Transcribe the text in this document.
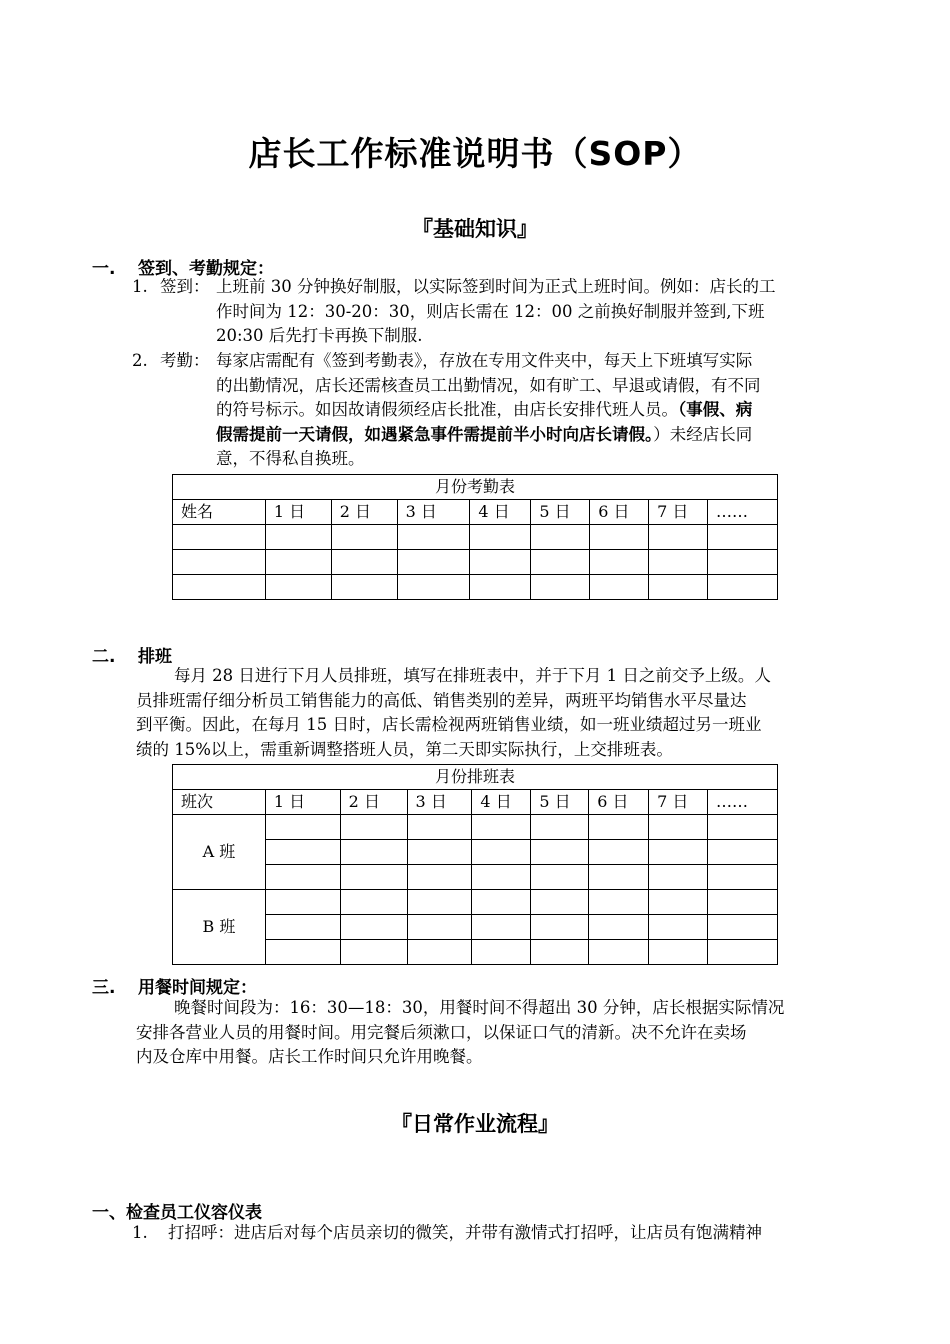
店长工作标准说明书（SOP）
『基础知识』
一. 签到、考勤规定：
1. 签到： 上班前 30 分钟换好制服，以实际签到时间为正式上班时间。例如：店长的工
作时间为 12：30-20：30，则店长需在 12：00 之前换好制服并签到,下班
20:30 后先打卡再换下制服.
2. 考勤： 每家店需配有《签到考勤表》，存放在专用文件夹中，每天上下班填写实际
的出勤情况，店长还需核查员工出勤情况，如有旷工、早退或请假，有不同
的符号标示。如因故请假须经店长批准，由店长安排代班人员。（事假、病
假需提前一天请假，如遇紧急事件需提前半小时向店长请假。）未经店长同
意，不得私自换班。
月份考勤表								
姓名	1 日	2 日	3 日	4 日	5 日	6 日	7 日	……

二. 排班
每月 28 日进行下月人员排班，填写在排班表中，并于下月 1 日之前交予上级。人
员排班需仔细分析员工销售能力的高低、销售类别的差异，两班平均销售水平尽量达
到平衡。因此，在每月 15 日时，店长需检视两班销售业绩，如一班业绩超过另一班业
绩的 15%以上，需重新调整搭班人员，第二天即实际执行，上交排班表。
月份排班表								
班次	1 日	2 日	3 日	4 日	5 日	6 日	7 日	……
A 班								

B 班								

三. 用餐时间规定：
晚餐时间段为：16：30—18：30，用餐时间不得超出 30 分钟，店长根据实际情况
安排各营业人员的用餐时间。用完餐后须漱口，以保证口气的清新。决不允许在卖场
内及仓库中用餐。店长工作时间只允许用晚餐。
『日常作业流程』
一、检查员工仪容仪表
1. 打招呼：进店后对每个店员亲切的微笑，并带有激情式打招呼，让店员有饱满精神
